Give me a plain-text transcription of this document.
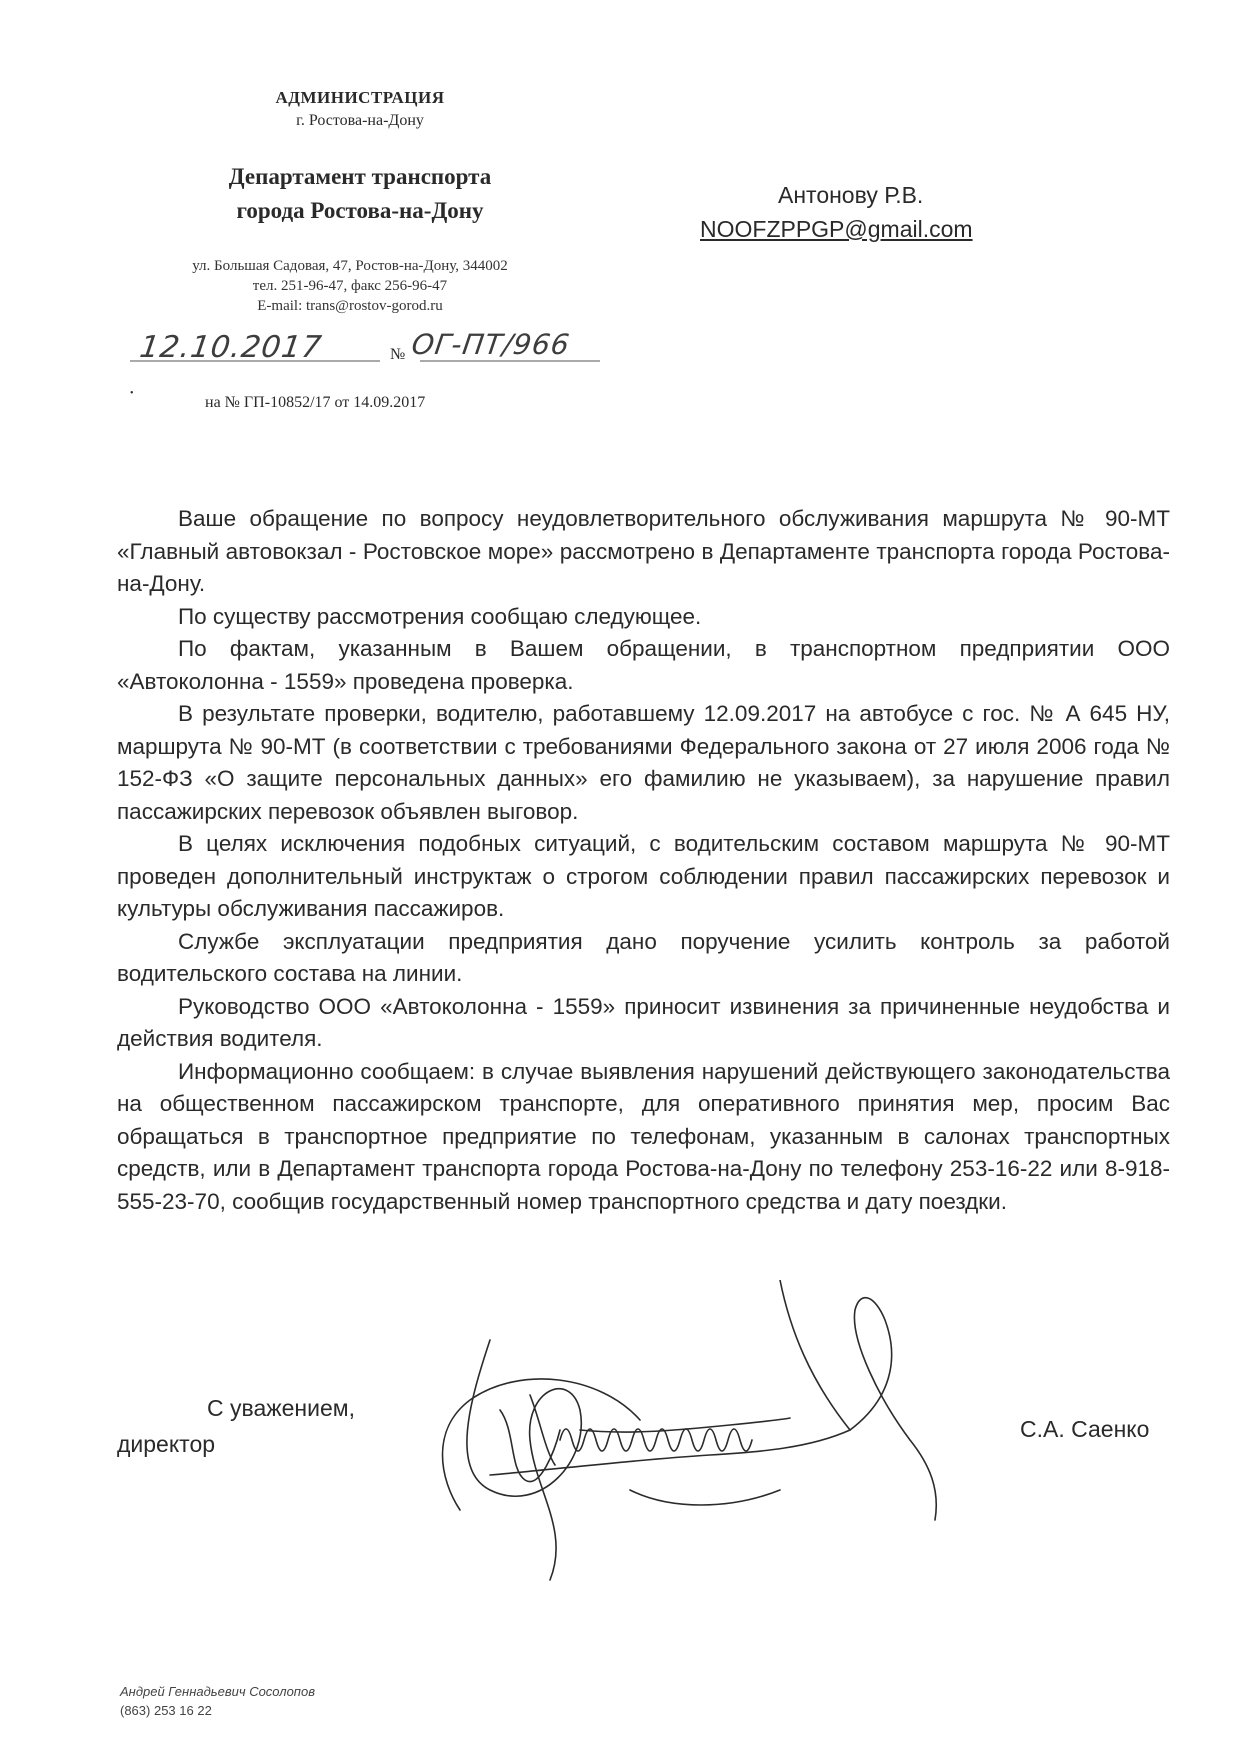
АДМИНИСТРАЦИЯ
г. Ростова-на-Дону
Департамент транспорта
города Ростова-на-Дону
ул. Большая Садовая, 47, Ростов-на-Дону, 344002
тел. 251-96-47, факс 256-96-47
E-mail: trans@rostov-gorod.ru
12.10.2017	№ ОГ-ПТ/966
•
на № ГП-10852/17 от 14.09.2017
Антонову Р.В.
NOOFZPPGP@gmail.com

Ваше обращение по вопросу неудовлетворительного обслуживания маршрута № 90-МТ «Главный автовокзал - Ростовское море» рассмотрено в Департаменте транспорта города Ростова-на-Дону.

По существу рассмотрения сообщаю следующее.

По фактам, указанным в Вашем обращении, в транспортном предприятии ООО «Автоколонна - 1559» проведена проверка.

В результате проверки, водителю, работавшему 12.09.2017 на автобусе с гос. № А 645 НУ, маршрута № 90-МТ (в соответствии с требованиями Федерального закона от 27 июля 2006 года № 152-ФЗ «О защите персональных данных» его фамилию не указываем), за нарушение правил пассажирских перевозок объявлен выговор.

В целях исключения подобных ситуаций, с водительским составом маршрута № 90-МТ проведен дополнительный инструктаж о строгом соблюдении правил пассажирских перевозок и культуры обслуживания пассажиров.

Службе эксплуатации предприятия дано поручение усилить контроль за работой водительского состава на линии.

Руководство ООО «Автоколонна - 1559» приносит извинения за причиненные неудобства и действия водителя.

Информационно сообщаем: в случае выявления нарушений действующего законодательства на общественном пассажирском транспорте, для оперативного принятия мер, просим Вас обращаться в транспортное предприятие по телефонам, указанным в салонах транспортных средств, или в Департамент транспорта города Ростова-на-Дону по телефону 253-16-22 или 8-918-555-23-70, сообщив государственный номер транспортного средства и дату поездки.

С уважением,
директор
С.А. Саенко
Андрей Геннадьевич Сосолопов
(863) 253 16 22
